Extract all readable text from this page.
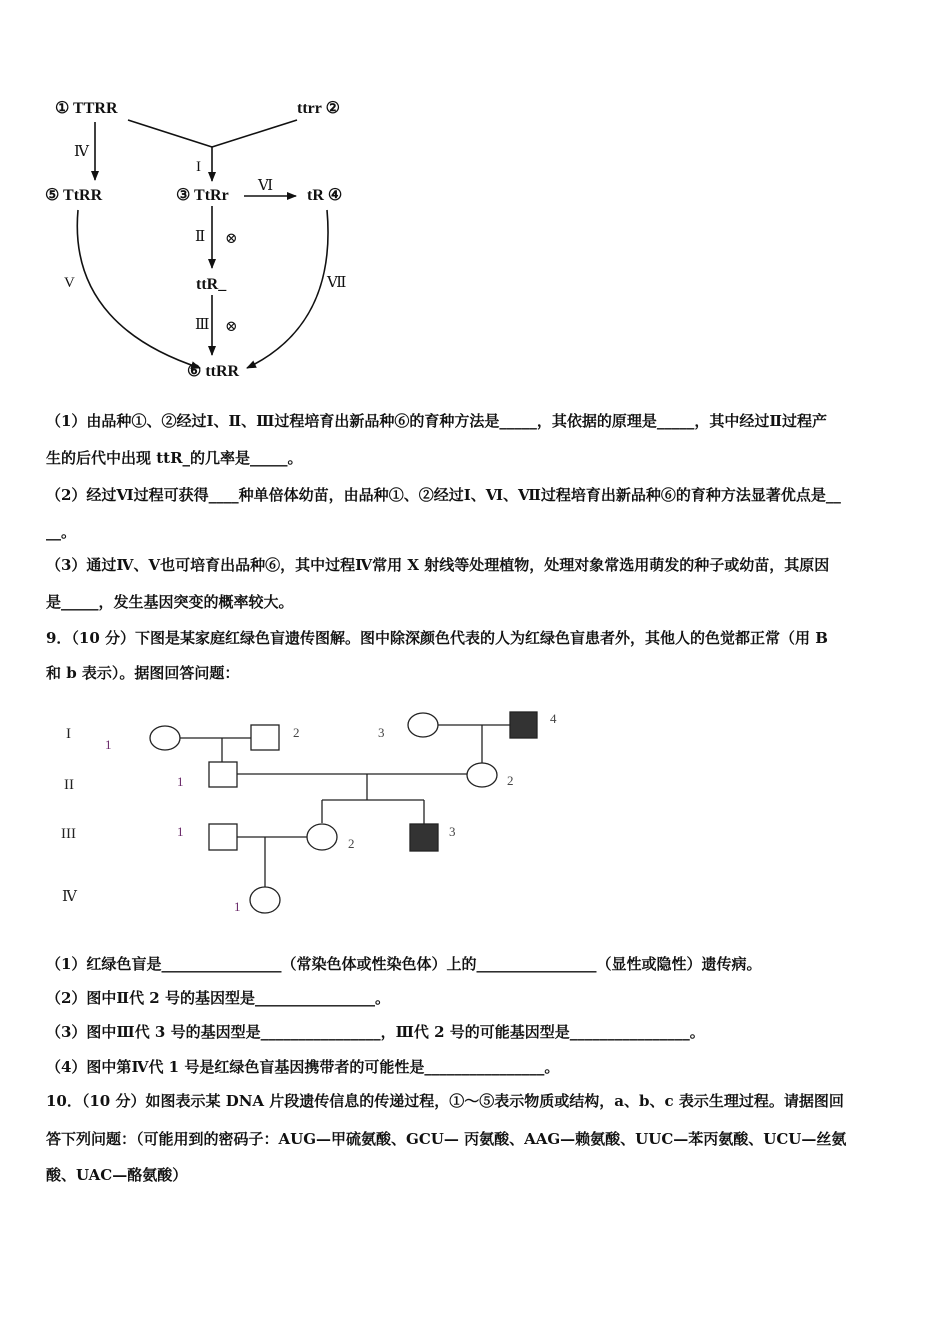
① TTRR	ttrr ②
⑤ TtRR	③ TtRr	tR ④
ttR_
⑥ ttRR
Ⅳ
I
Ⅵ
Ⅱ ⊗
V	Ⅶ
Ⅲ ⊗
（1）由品种①、②经过Ⅰ、Ⅱ、Ⅲ过程培育出新品种⑥的育种方法是_____，其依据的原理是_____，其中经过Ⅱ过程产
生的后代中出现 ttR_的几率是_____。
（2）经过Ⅵ过程可获得____种单倍体幼苗，由品种①、②经过Ⅰ、Ⅵ、Ⅶ过程培育出新品种⑥的育种方法显著优点是__
__。
（3）通过Ⅳ、Ⅴ也可培育出品种⑥，其中过程Ⅳ常用 X 射线等处理植物，处理对象常选用萌发的种子或幼苗，其原因
是_____，发生基因突变的概率较大。
9．（10 分）下图是某家庭红绿色盲遗传图解。图中除深颜色代表的人为红绿色盲患者外，其他人的色觉都正常（用 B
和 b 表示）。据图回答问题：
I
II
III
Ⅳ
1
1
1
1
2	3
4
2
2
3
（1）红绿色盲是________________（常染色体或性染色体）上的________________（显性或隐性）遗传病。
（2）图中Ⅱ代 2 号的基因型是________________。
（3）图中Ⅲ代 3 号的基因型是________________，Ⅲ代 2 号的可能基因型是________________。
（4）图中第Ⅳ代 1 号是红绿色盲基因携带者的可能性是________________。
10．（10 分）如图表示某 DNA 片段遗传信息的传递过程，①～⑤表示物质或结构，a、b、c 表示生理过程。请据图回
答下列问题：（可能用到的密码子：AUG—甲硫氨酸、GCU— 丙氨酸、AAG—赖氨酸、UUC—苯丙氨酸、UCU—丝氨
酸、UAC—酪氨酸）
